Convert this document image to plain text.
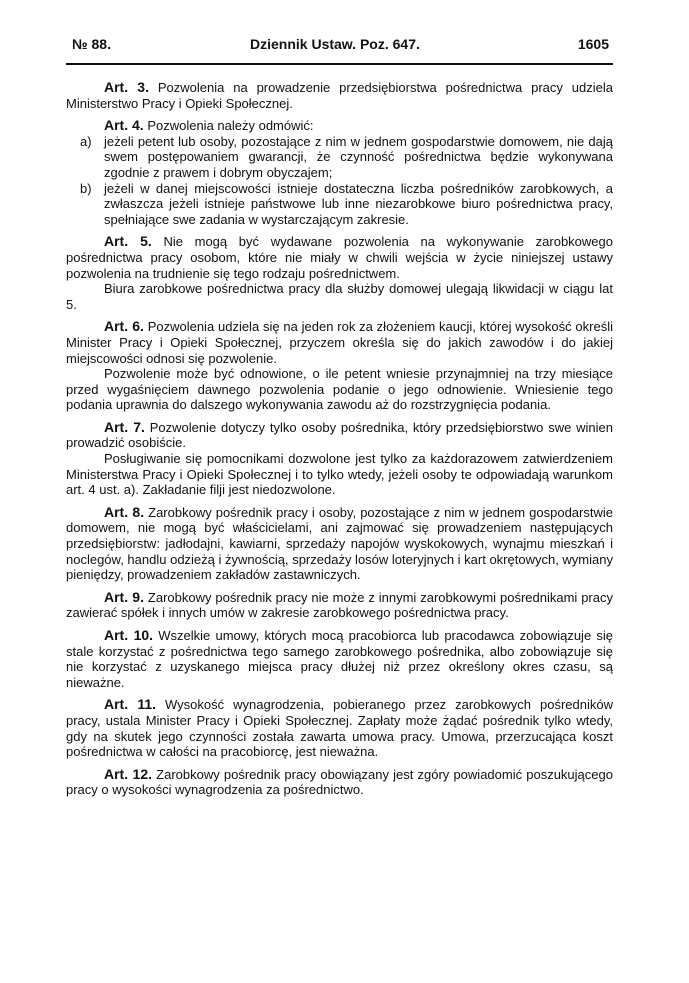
№ 88.	Dziennik Ustaw. Poz. 647.	1605

Art. 3. Pozwolenia na prowadzenie przedsiębiorstwa pośrednictwa pracy udziela Ministerstwo Pracy i Opieki Społecznej.

Art. 4. Pozwolenia należy odmówić:

a) jeżeli petent lub osoby, pozostające z nim w jednem gospodarstwie domowem, nie dają swem postępowaniem gwarancji, że czynność pośrednictwa będzie wykonywana zgodnie z prawem i dobrym obyczajem;
b) jeżeli w danej miejscowości istnieje dostateczna liczba pośredników zarobkowych, a zwłaszcza jeżeli istnieje państwowe lub inne niezarobkowe biuro pośrednictwa pracy, spełniające swe zadania w wystarczającym zakresie.

Art. 5. Nie mogą być wydawane pozwolenia na wykonywanie zarobkowego pośrednictwa pracy osobom, które nie miały w chwili wejścia w życie niniejszej ustawy pozwolenia na trudnienie się tego rodzaju pośrednictwem.

Biura zarobkowe pośrednictwa pracy dla służby domowej ulegają likwidacji w ciągu lat 5.

Art. 6. Pozwolenia udziela się na jeden rok za złożeniem kaucji, której wysokość określi Minister Pracy i Opieki Społecznej, przyczem określa się do jakich zawodów i do jakiej miejscowości odnosi się pozwolenie.

Pozwolenie może być odnowione, o ile petent wniesie przynajmniej na trzy miesiące przed wygaśnięciem dawnego pozwolenia podanie o jego odnowienie. Wniesienie tego podania uprawnia do dalszego wykonywania zawodu aż do rozstrzygnięcia podania.

Art. 7. Pozwolenie dotyczy tylko osoby pośrednika, który przedsiębiorstwo swe winien prowadzić osobiście.

Posługiwanie się pomocnikami dozwolone jest tylko za każdorazowem zatwierdzeniem Ministerstwa Pracy i Opieki Społecznej i to tylko wtedy, jeżeli osoby te odpowiadają warunkom art. 4 ust. a). Zakładanie filji jest niedozwolone.

Art. 8. Zarobkowy pośrednik pracy i osoby, pozostające z nim w jednem gospodarstwie domowem, nie mogą być właścicielami, ani zajmować się prowadzeniem następujących przedsiębiorstw: jadłodajni, kawiarni, sprzedaży napojów wyskokowych, wynajmu mieszkań i noclegów, handlu odzieżą i żywnością, sprzedaży losów loteryjnych i kart okrętowych, wymiany pieniędzy, prowadzeniem zakładów zastawniczych.

Art. 9. Zarobkowy pośrednik pracy nie może z innymi zarobkowymi pośrednikami pracy zawierać spółek i innych umów w zakresie zarobkowego pośrednictwa pracy.

Art. 10. Wszelkie umowy, których mocą pracobiorca lub pracodawca zobowiązuje się stale korzystać z pośrednictwa tego samego zarobkowego pośrednika, albo zobowiązuje się nie korzystać z uzyskanego miejsca pracy dłużej niż przez określony okres czasu, są nieważne.

Art. 11. Wysokość wynagrodzenia, pobieranego przez zarobkowych pośredników pracy, ustala Minister Pracy i Opieki Społecznej. Zapłaty może żądać pośrednik tylko wtedy, gdy na skutek jego czynności została zawarta umowa pracy. Umowa, przerzucająca koszt pośrednictwa w całości na pracobiorcę, jest nieważna.

Art. 12. Zarobkowy pośrednik pracy obowiązany jest zgóry powiadomić poszukującego pracy o wysokości wynagrodzenia za pośrednictwo.
